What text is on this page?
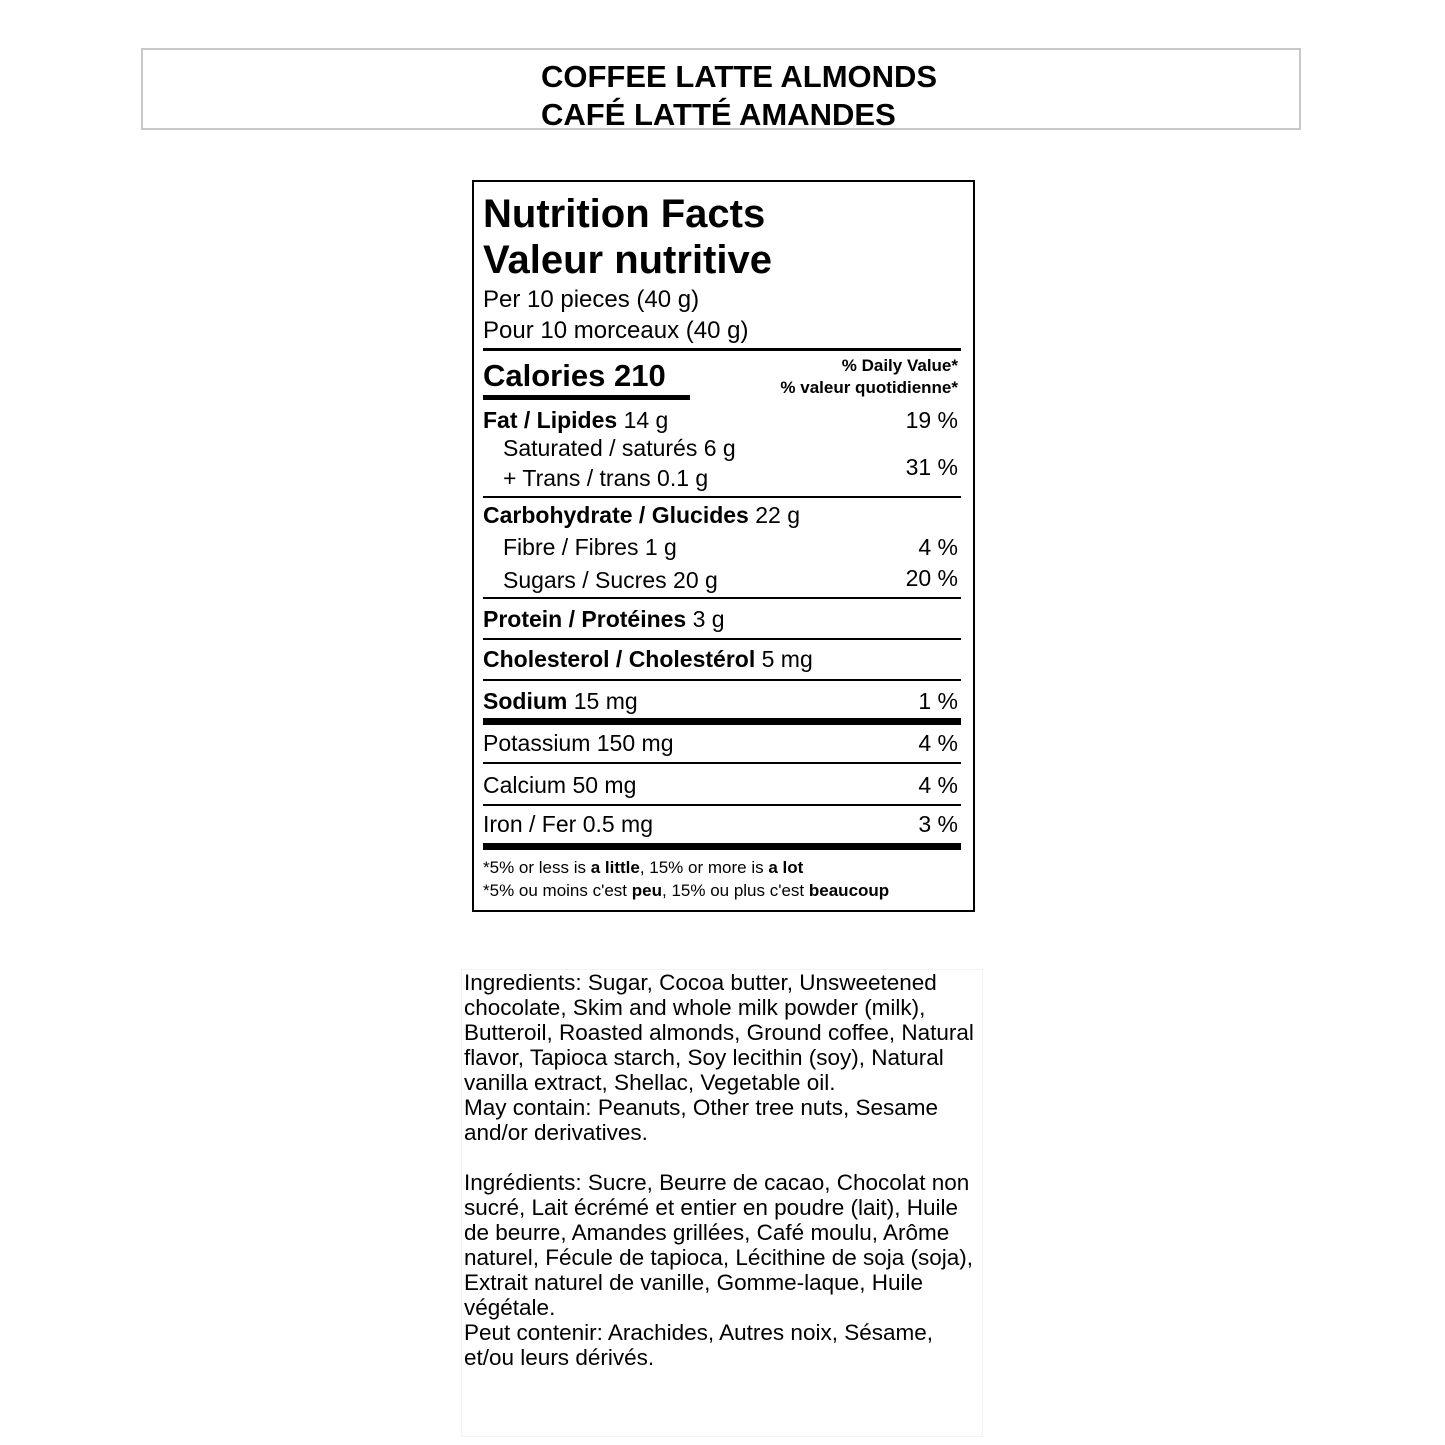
COFFEE LATTE ALMONDS
CAFÉ LATTÉ AMANDES
Nutrition Facts
Valeur nutritive
Per 10 pieces (40 g)
Pour 10 morceaux (40 g)
Calories 210	% Daily Value*
% valeur quotidienne*
Fat / Lipides 14 g	19 %
Saturated / saturés 6 g
+ Trans / trans 0.1 g	31 %
Carbohydrate / Glucides 22 g
Fibre / Fibres 1 g	4 %
Sugars / Sucres 20 g	20 %
Protein / Protéines 3 g
Cholesterol / Cholestérol 5 mg
Sodium 15 mg	1 %
Potassium 150 mg	4 %
Calcium 50 mg	4 %
Iron / Fer 0.5 mg	3 %
*5% or less is a little, 15% or more is a lot
*5% ou moins c'est peu, 15% ou plus c'est beaucoup

Ingredients: Sugar, Cocoa butter, Unsweetened
chocolate, Skim and whole milk powder (milk),
Butteroil, Roasted almonds, Ground coffee, Natural
flavor, Tapioca starch, Soy lecithin (soy), Natural
vanilla extract, Shellac, Vegetable oil.

May contain: Peanuts, Other tree nuts, Sesame
and/or derivatives.

Ingrédients: Sucre, Beurre de cacao, Chocolat non
sucré, Lait écrémé et entier en poudre (lait), Huile
de beurre, Amandes grillées, Café moulu, Arôme
naturel, Fécule de tapioca, Lécithine de soja (soja),
Extrait naturel de vanille, Gomme-laque, Huile
végétale.

Peut contenir: Arachides, Autres noix, Sésame,
et/ou leurs dérivés.
